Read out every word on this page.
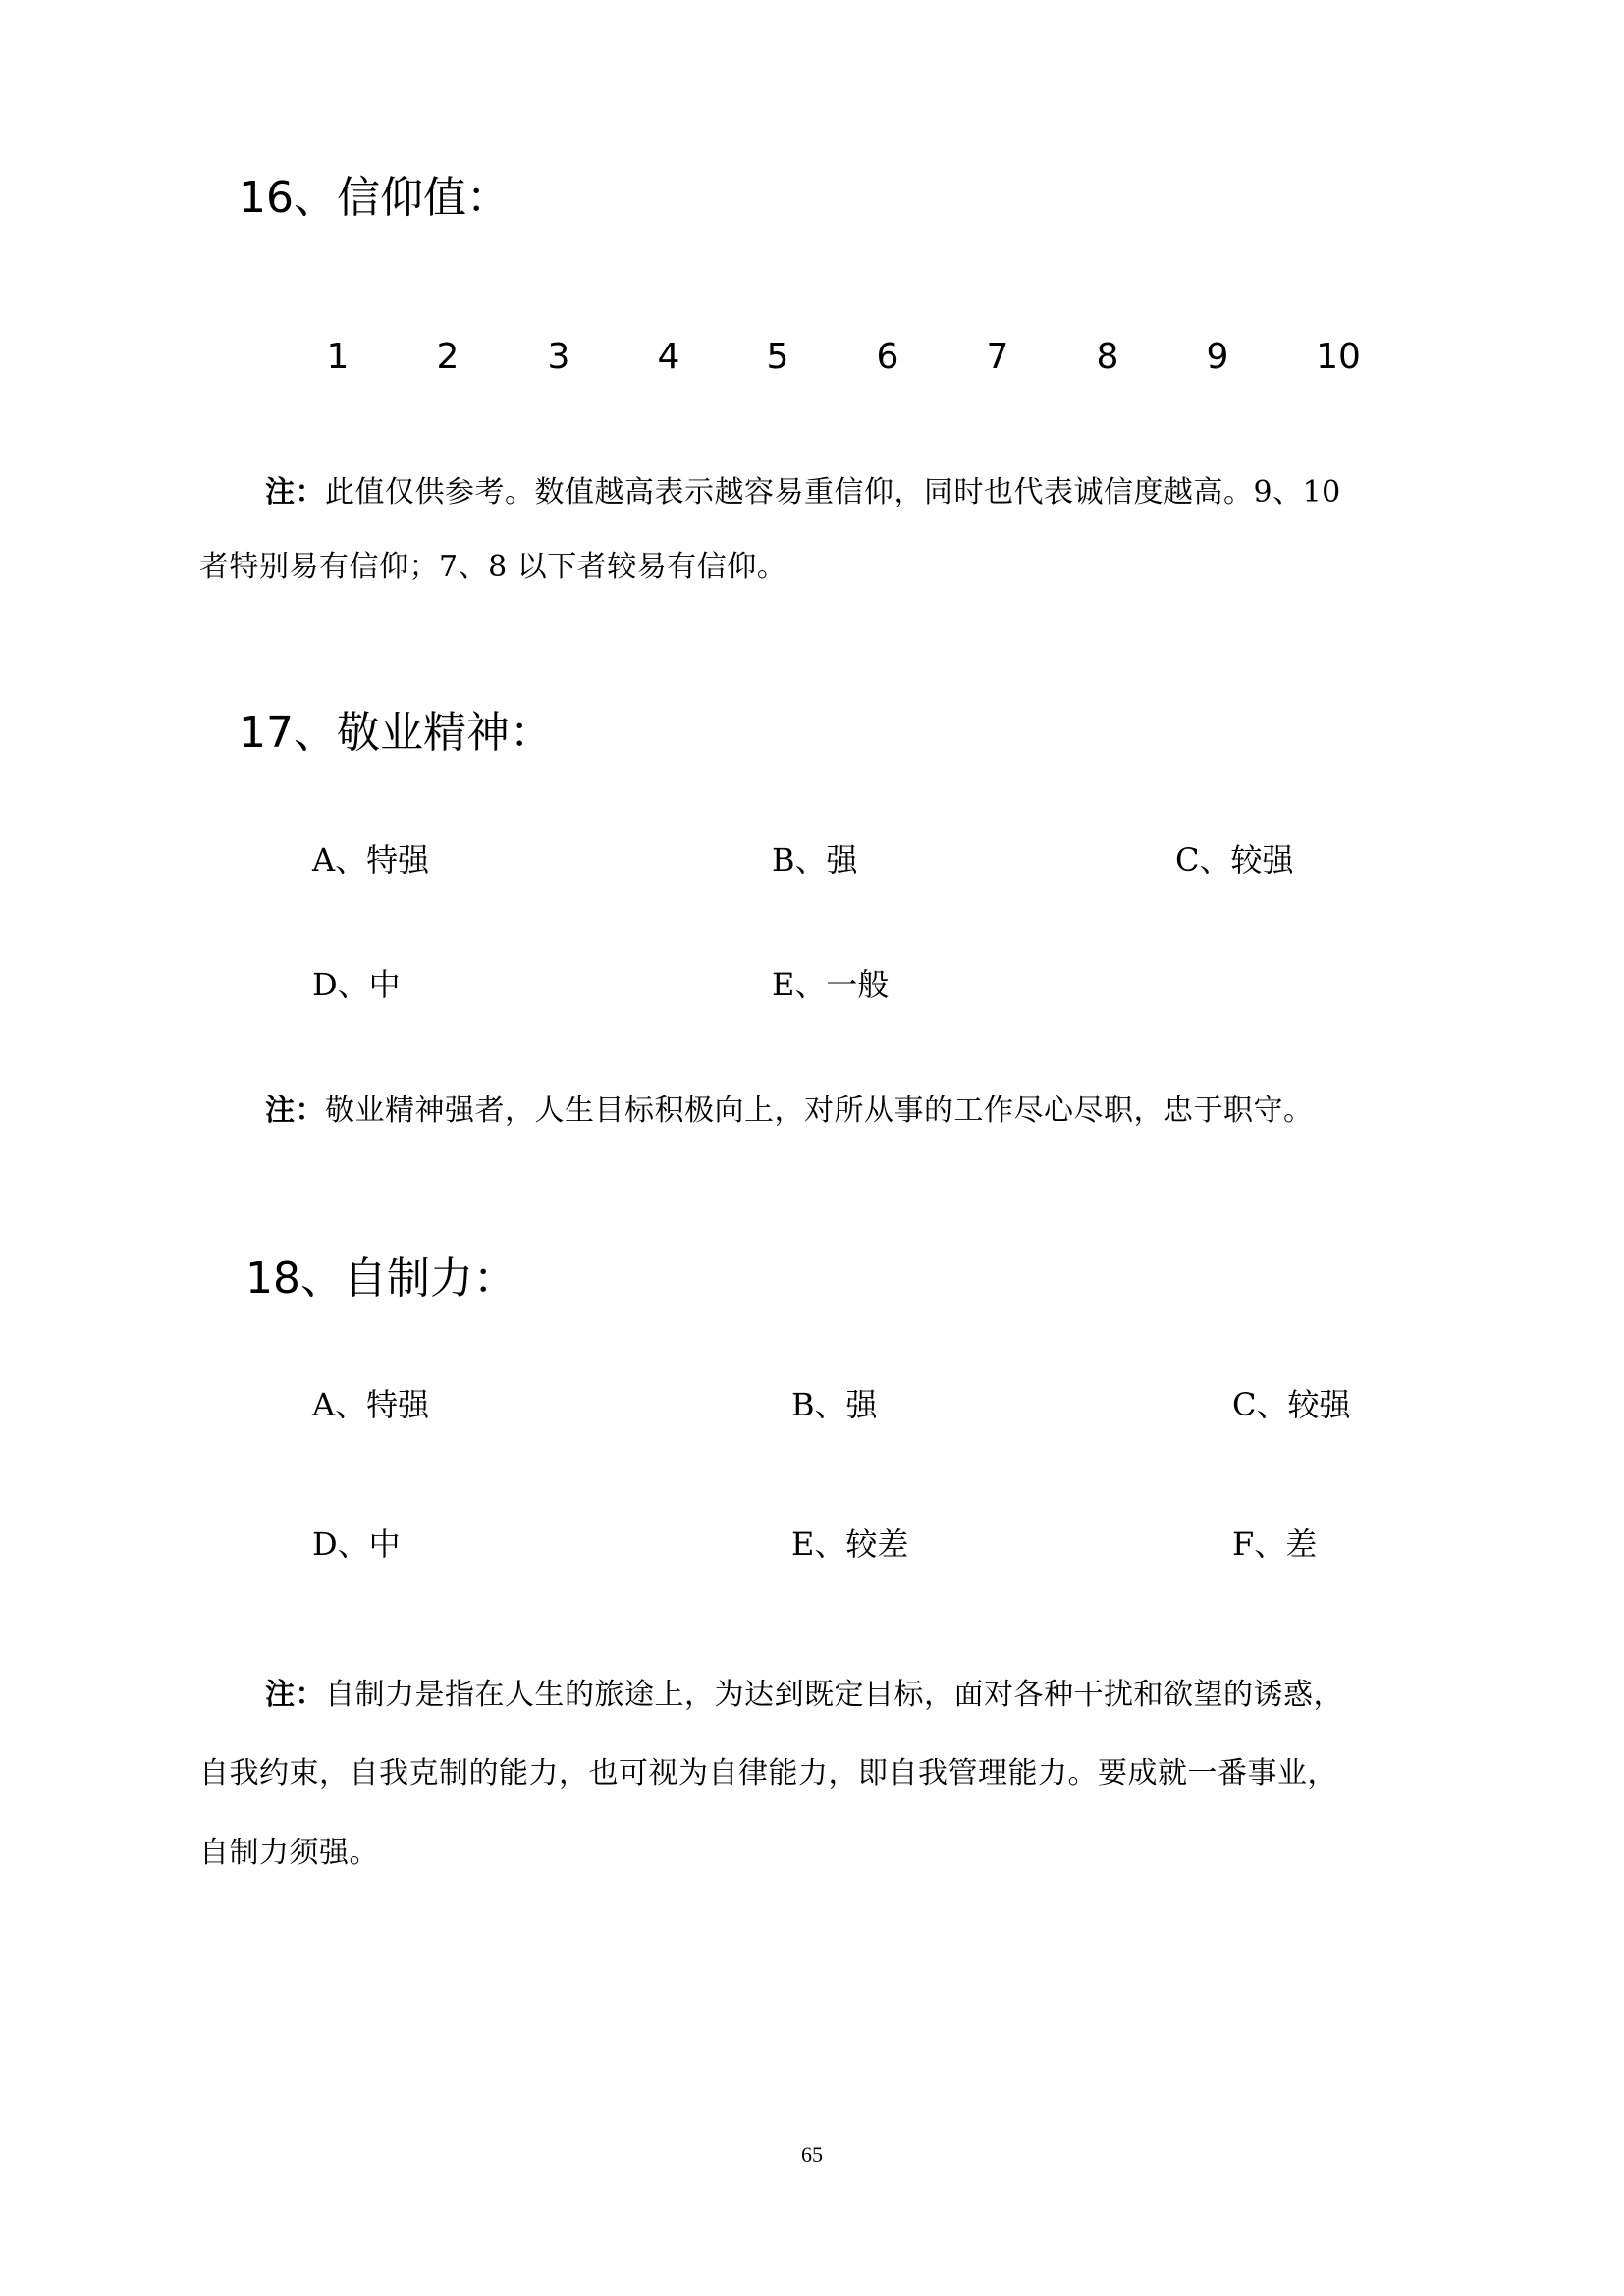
16、信仰值：
1 2	3 4 5 6 7 8 9 10
注：此值仅供参考。数值越高表示越容易重信仰，同时也代表诚信度越高。9、10
者特别易有信仰；7、8 以下者较易有信仰。
17、敬业精神：
A、特强	B、强	C、较强
D、中	E、一般
注：敬业精神强者，人生目标积极向上，对所从事的工作尽心尽职，忠于职守。
18、自制力：
A、特强	B、强	C、较强
D、中	E、较差	F、差
注：自制力是指在人生的旅途上，为达到既定目标，面对各种干扰和欲望的诱惑，
自我约束，自我克制的能力，也可视为自律能力，即自我管理能力。要成就一番事业，
自制力须强。
65
